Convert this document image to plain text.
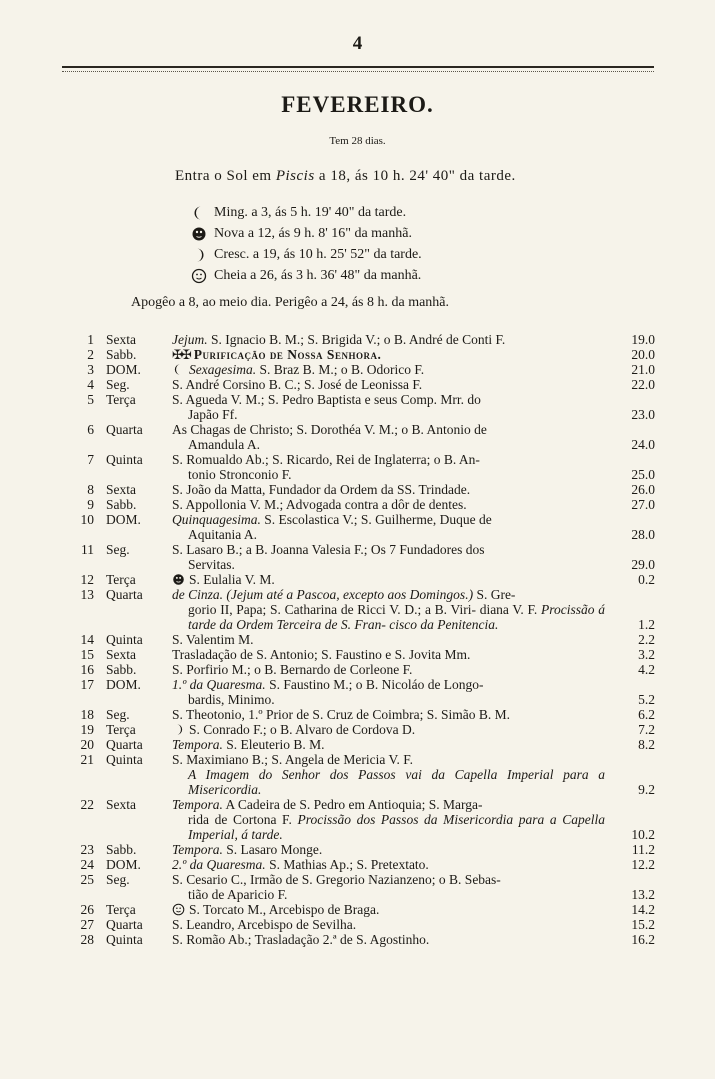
4
FEVEREIRO.
Tem 28 dias.
Entra o Sol em Piscis a 18, ás 10 h. 24' 40" da tarde.
Ming. a 3, ás 5 h. 19' 40" da tarde.
Nova a 12, ás 9 h. 8' 16" da manhã.
Cresc. a 19, ás 10 h. 25' 52" da tarde.
Cheia a 26, ás 3 h. 36' 48" da manhã.
Apogêo a 8, ao meio dia. Perigêo a 24, ás 8 h. da manhã.
1 Sexta	Jejum. S. Ignacio B. M.; S. Brigida V.; o B. André de Conti F.	19.0
2 Sabb.	✠✠ Purificação de Nossa Senhora.	20.0
3 DOM.	Sexagesima. S. Braz B. M.; o B. Odorico F.	21.0
4 Seg.	S. André Corsino B. C.; S. José de Leonissa F.	22.0
5 Terça	S. Agueda V. M.; S. Pedro Baptista e seus Comp. Mrr. do
Japão Ff.	23.0
6 Quarta	As Chagas de Christo; S. Dorothéa V. M.; o B. Antonio de
Amandula A.	24.0
7 Quinta	S. Romualdo Ab.; S. Ricardo, Rei de Inglaterra; o B. An-
tonio Stronconio F.	25.0
8 Sexta	S. João da Matta, Fundador da Ordem da SS. Trindade.	26.0
9 Sabb.	S. Appollonia V. M.; Advogada contra a dôr de dentes.	27.0
10 DOM.	Quinquagesima. S. Escolastica V.; S. Guilherme, Duque de
Aquitania A.	28.0
11 Seg.	S. Lasaro B.; a B. Joanna Valesia F.; Os 7 Fundadores dos
Servitas.	29.0
12 Terça	S. Eulalia V. M.	0.2
13 Quarta	de Cinza. (Jejum até a Pascoa, excepto aos Domingos.) S. Gre-
gorio II, Papa; S. Catharina de Ricci V. D.; a B. Viri- diana V. F. Procissão á tarde da Ordem Terceira de S. Fran- cisco da Penitencia.	1.2
14 Quinta	S. Valentim M.	2.2
15 Sexta	Trasladação de S. Antonio; S. Faustino e S. Jovita Mm.	3.2
16 Sabb.	S. Porfirio M.; o B. Bernardo de Corleone F.	4.2
17 DOM.	1.º da Quaresma. S. Faustino M.; o B. Nicoláo de Longo-
bardis, Minimo.	5.2
18 Seg.	S. Theotonio, 1.º Prior de S. Cruz de Coimbra; S. Simão B. M.	6.2
19 Terça	S. Conrado F.; o B. Alvaro de Cordova D.	7.2
20 Quarta	Tempora. S. Eleuterio B. M.	8.2
21 Quinta	S. Maximiano B.; S. Angela de Mericia V. F.
A Imagem do Senhor dos Passos vai da Capella Imperial para a Misericordia.	9.2
22 Sexta	Tempora. A Cadeira de S. Pedro em Antioquia; S. Marga-
rida de Cortona F. Procissão dos Passos da Misericordia para a Capella Imperial, á tarde.	10.2
23 Sabb.	Tempora. S. Lasaro Monge.	11.2
24 DOM.	2.º da Quaresma. S. Mathias Ap.; S. Pretextato.	12.2
25 Seg.	S. Cesario C., Irmão de S. Gregorio Nazianzeno; o B. Sebas-
tião de Aparicio F.	13.2
26 Terça	S. Torcato M., Arcebispo de Braga.	14.2
27 Quarta	S. Leandro, Arcebispo de Sevilha.	15.2
28 Quinta	S. Romão Ab.; Trasladação 2.ª de S. Agostinho.	16.2
